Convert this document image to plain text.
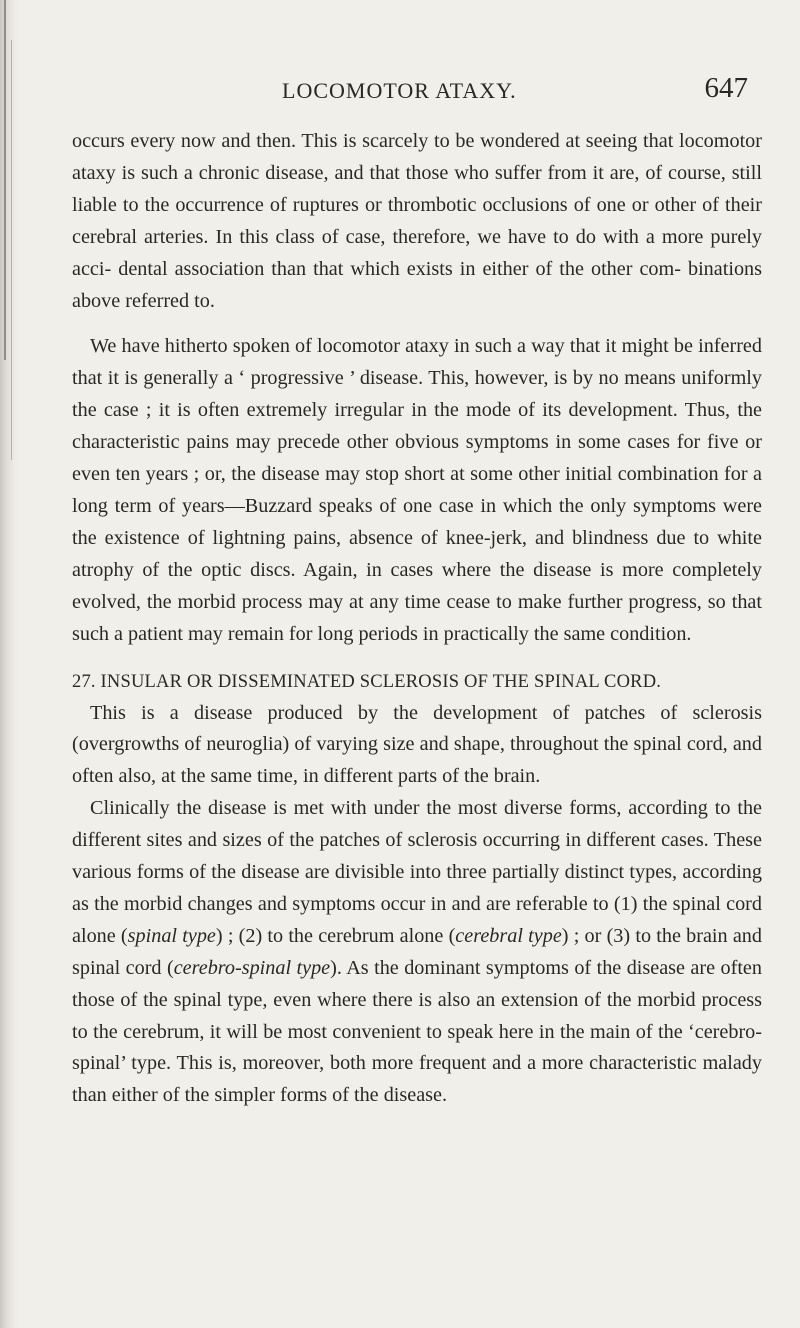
LOCOMOTOR ATAXY.	647

occurs every now and then. This is scarcely to be wondered at seeing that locomotor ataxy is such a chronic disease, and that those who suffer from it are, of course, still liable to the occurrence of ruptures or thrombotic occlusions of one or other of their cerebral arteries. In this class of case, therefore, we have to do with a more purely acci- dental association than that which exists in either of the other com- binations above referred to.

We have hitherto spoken of locomotor ataxy in such a way that it might be inferred that it is generally a ‘ progressive ’ disease. This, however, is by no means uniformly the case ; it is often extremely irregular in the mode of its development. Thus, the characteristic pains may precede other obvious symptoms in some cases for five or even ten years ; or, the disease may stop short at some other initial combination for a long term of years—Buzzard speaks of one case in which the only symptoms were the existence of lightning pains, absence of knee-jerk, and blindness due to white atrophy of the optic discs. Again, in cases where the disease is more completely evolved, the morbid process may at any time cease to make further progress, so that such a patient may remain for long periods in practically the same condition.

27. INSULAR OR DISSEMINATED SCLEROSIS OF THE SPINAL CORD.

This is a disease produced by the development of patches of sclerosis (overgrowths of neuroglia) of varying size and shape, throughout the spinal cord, and often also, at the same time, in different parts of the brain.

Clinically the disease is met with under the most diverse forms, according to the different sites and sizes of the patches of sclerosis occurring in different cases. These various forms of the disease are divisible into three partially distinct types, according as the morbid changes and symptoms occur in and are referable to (1) the spinal cord alone (spinal type) ; (2) to the cerebrum alone (cerebral type) ; or (3) to the brain and spinal cord (cerebro-spinal type). As the dominant symptoms of the disease are often those of the spinal type, even where there is also an extension of the morbid process to the cerebrum, it will be most convenient to speak here in the main of the ‘cerebro-spinal’ type. This is, moreover, both more frequent and a more characteristic malady than either of the simpler forms of the disease.
